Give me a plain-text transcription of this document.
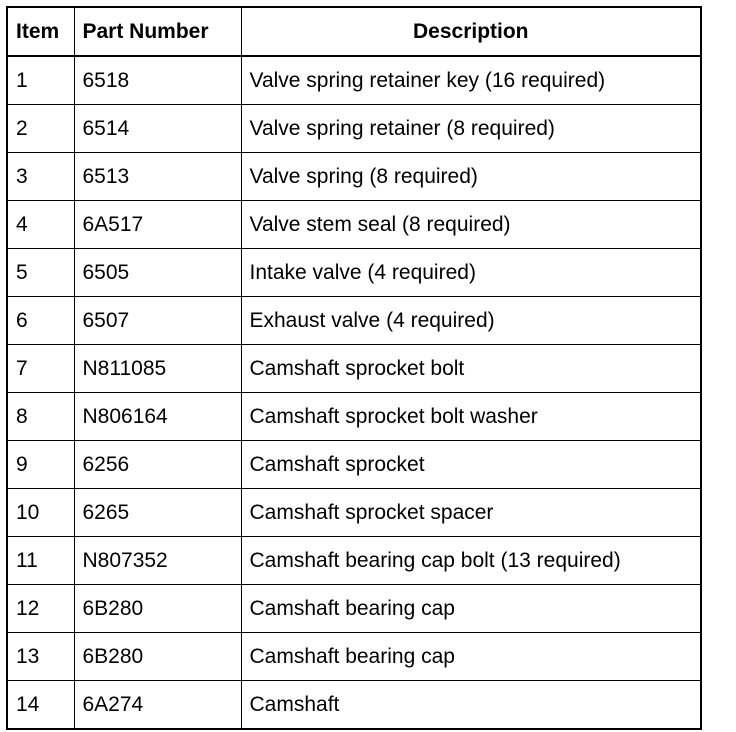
Item	Part Number	Description
1	6518	Valve spring retainer key (16 required)
2	6514	Valve spring retainer (8 required)
3	6513	Valve spring (8 required)
4	6A517	Valve stem seal (8 required)
5	6505	Intake valve (4 required)
6	6507	Exhaust valve (4 required)
7	N811085	Camshaft sprocket bolt
8	N806164	Camshaft sprocket bolt washer
9	6256	Camshaft sprocket
10	6265	Camshaft sprocket spacer
11	N807352	Camshaft bearing cap bolt (13 required)
12	6B280	Camshaft bearing cap
13	6B280	Camshaft bearing cap
14	6A274	Camshaft
